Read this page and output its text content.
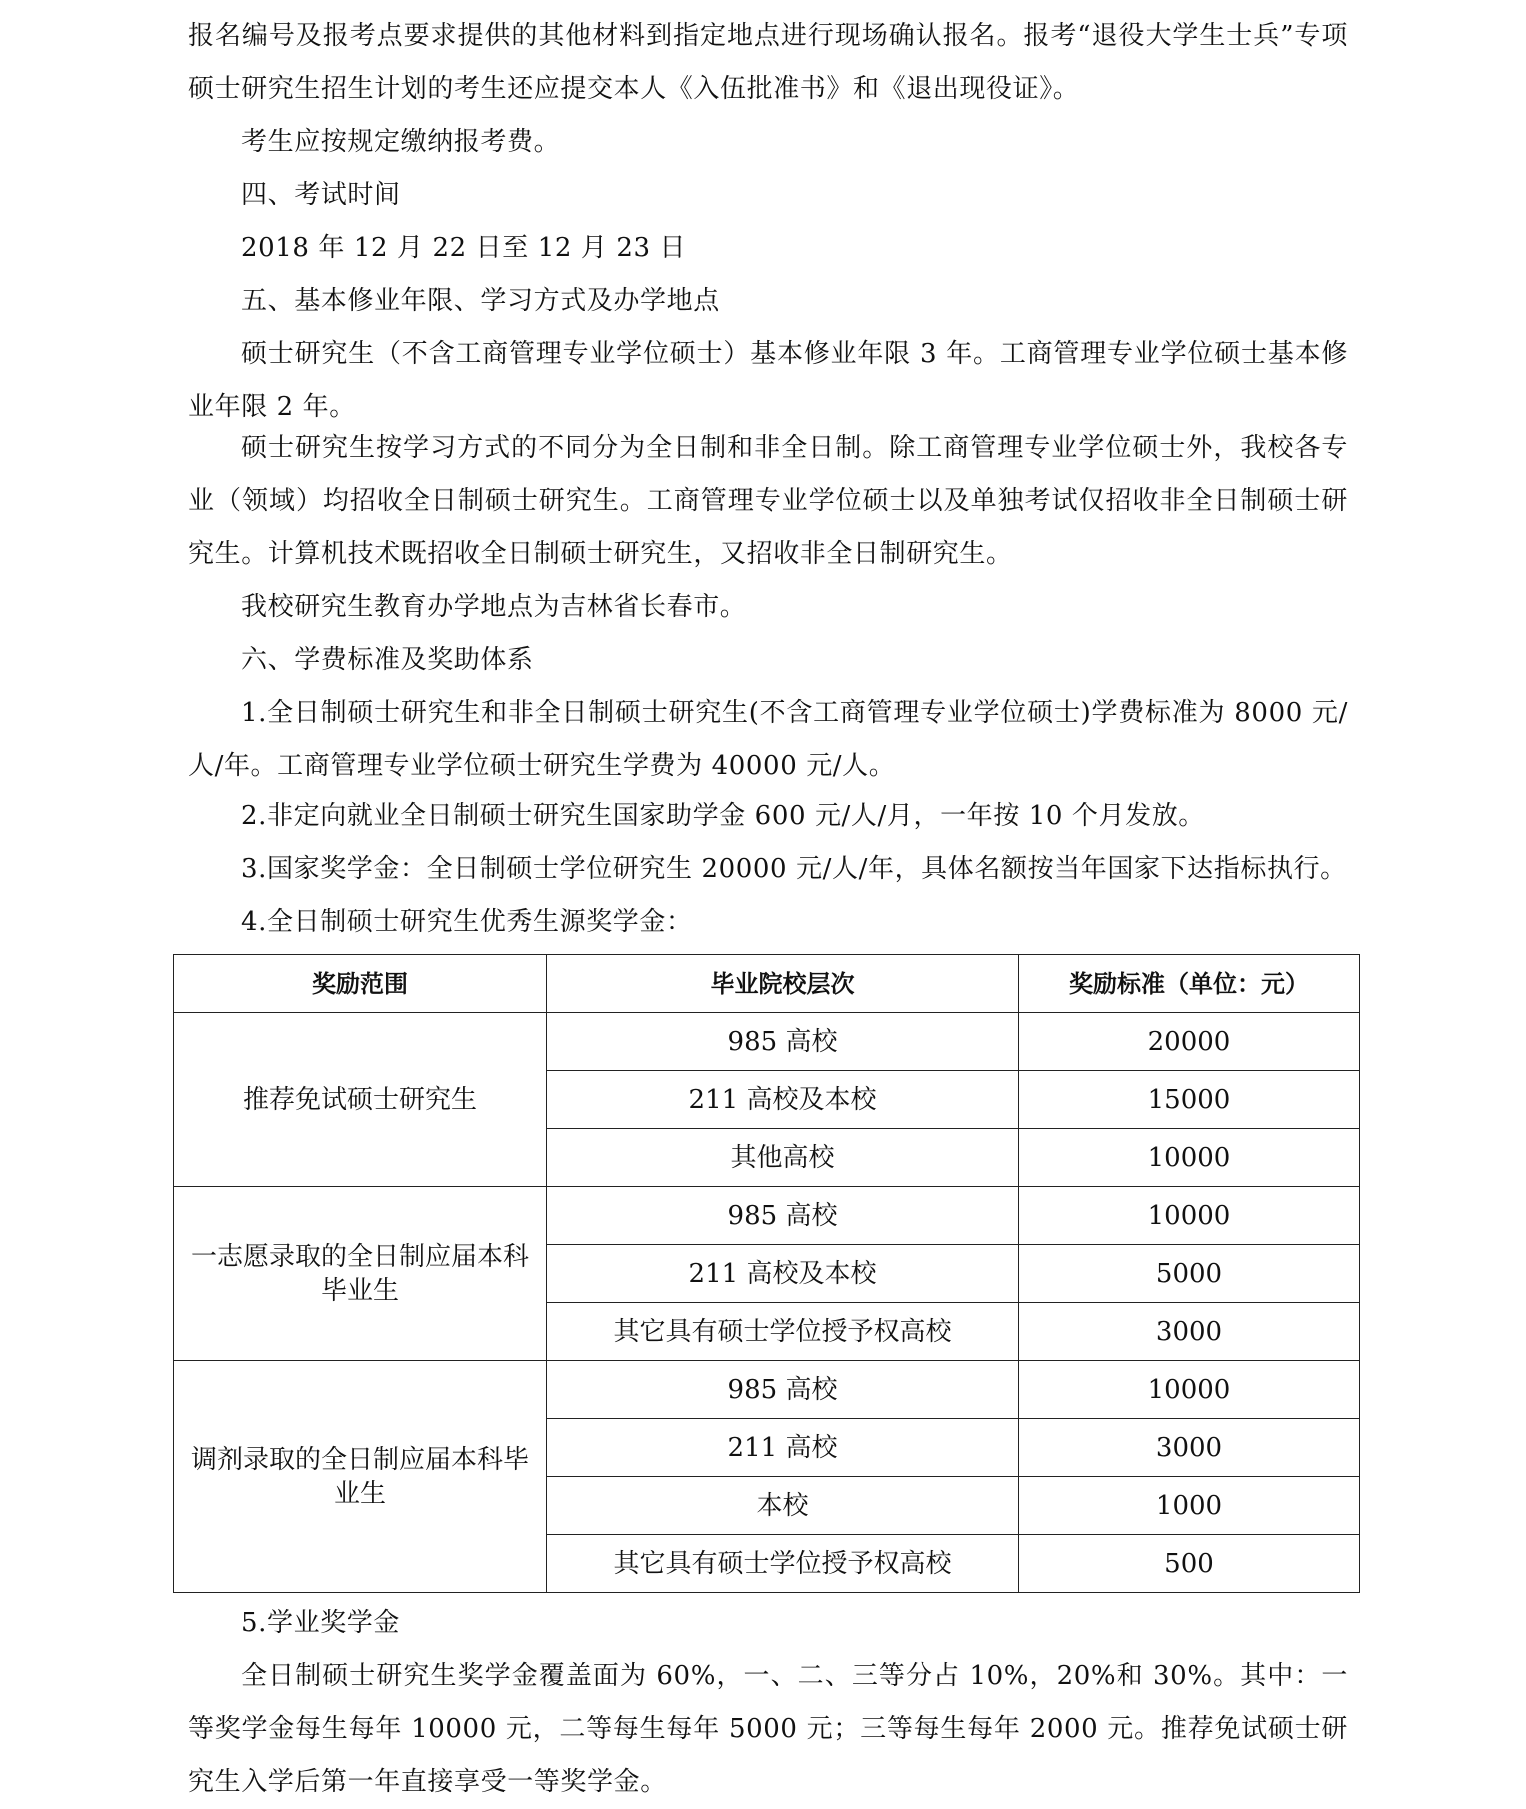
报名编号及报考点要求提供的其他材料到指定地点进行现场确认报名。报考“退役大学生士兵”专项硕士研究生招生计划的考生还应提交本人《入伍批准书》和《退出现役证》。

考生应按规定缴纳报考费。

四、考试时间

2018 年 12 月 22 日至 12 月 23 日

五、基本修业年限、学习方式及办学地点

硕士研究生（不含工商管理专业学位硕士）基本修业年限 3 年。工商管理专业学位硕士基本修业年限 2 年。

硕士研究生按学习方式的不同分为全日制和非全日制。除工商管理专业学位硕士外，我校各专业（领域）均招收全日制硕士研究生。工商管理专业学位硕士以及单独考试仅招收非全日制硕士研究生。计算机技术既招收全日制硕士研究生，又招收非全日制研究生。

我校研究生教育办学地点为吉林省长春市。

六、学费标准及奖助体系

1.全日制硕士研究生和非全日制硕士研究生(不含工商管理专业学位硕士)学费标准为 8000 元/人/年。工商管理专业学位硕士研究生学费为 40000 元/人。

2.非定向就业全日制硕士研究生国家助学金 600 元/人/月，一年按 10 个月发放。

3.国家奖学金：全日制硕士学位研究生 20000 元/人/年，具体名额按当年国家下达指标执行。

4.全日制硕士研究生优秀生源奖学金：

奖励范围	毕业院校层次	奖励标准（单位：元）
推荐免试硕士研究生	985 高校	20000
	211 高校及本校	15000
	其他高校	10000
一志愿录取的全日制应届本科毕业生	985 高校	10000
	211 高校及本校	5000
	其它具有硕士学位授予权高校	3000
调剂录取的全日制应届本科毕业生	985 高校	10000
	211 高校	3000
	本校	1000
	其它具有硕士学位授予权高校	500

5.学业奖学金

全日制硕士研究生奖学金覆盖面为 60%，一、二、三等分占 10%，20%和 30%。其中：一等奖学金每生每年 10000 元，二等每生每年 5000 元；三等每生每年 2000 元。推荐免试硕士研究生入学后第一年直接享受一等奖学金。
